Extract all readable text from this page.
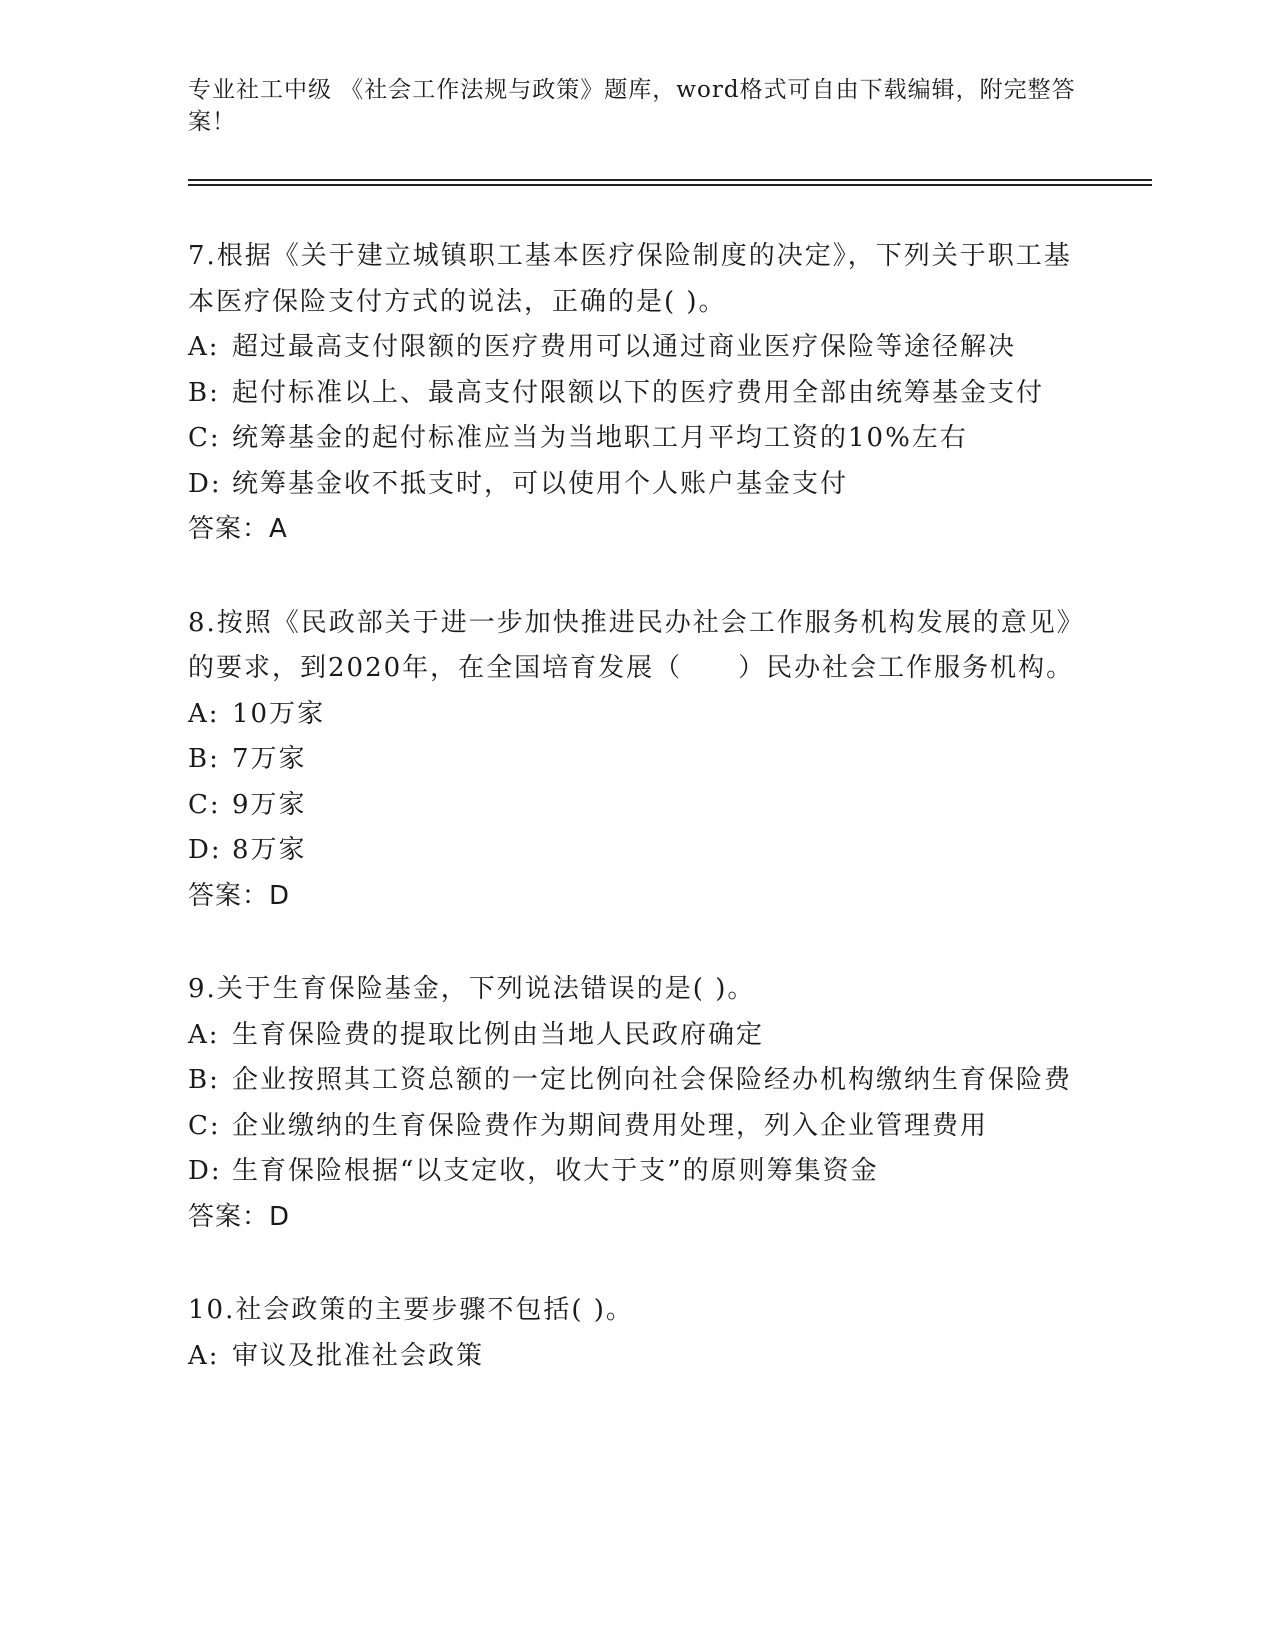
专业社工中级 《社会工作法规与政策》题库，word格式可自由下载编辑，附完整答案！

7.根据《关于建立城镇职工基本医疗保险制度的决定》，下列关于职工基本医疗保险支付方式的说法，正确的是( )。

A: 超过最高支付限额的医疗费用可以通过商业医疗保险等途径解决
B: 起付标准以上、最高支付限额以下的医疗费用全部由统筹基金支付
C: 统筹基金的起付标准应当为当地职工月平均工资的10%左右
D: 统筹基金收不抵支时，可以使用个人账户基金支付

答案：A

8.按照《民政部关于进一步加快推进民办社会工作服务机构发展的意见》的要求，到2020年，在全国培育发展（　　）民办社会工作服务机构。

A: 10万家
B: 7万家
C: 9万家
D: 8万家

答案：D

9.关于生育保险基金，下列说法错误的是( )。

A: 生育保险费的提取比例由当地人民政府确定
B: 企业按照其工资总额的一定比例向社会保险经办机构缴纳生育保险费
C: 企业缴纳的生育保险费作为期间费用处理，列入企业管理费用
D: 生育保险根据“以支定收，收大于支”的原则筹集资金

答案：D

10.社会政策的主要步骤不包括( )。

A: 审议及批准社会政策
